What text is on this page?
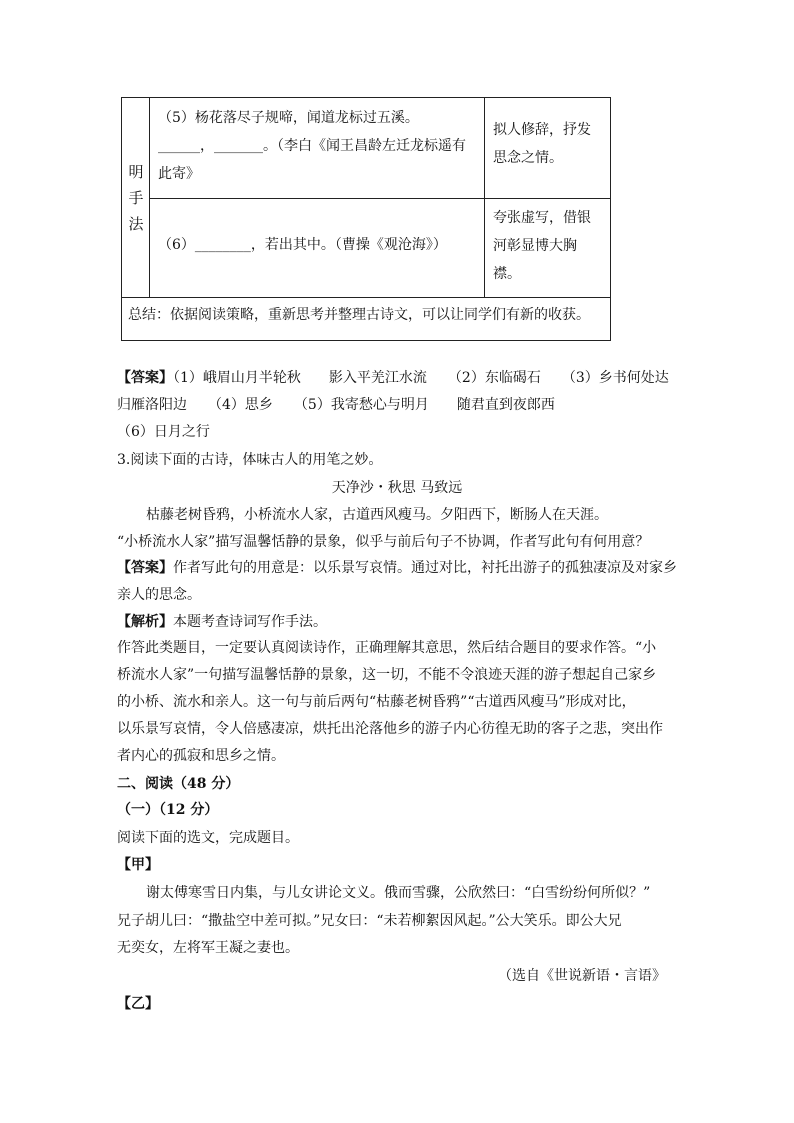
明
手
法
（5）杨花落尽子规啼，闻道龙标过五溪。
______，_______。（李白《闻王昌龄左迁龙标遥有
此寄》
拟人修辞，抒发
思念之情。
（6）________，若出其中。（曹操《观沧海》）
夸张虚写，借银
河彰显博大胸
襟。
总结：依据阅读策略，重新思考并整理古诗文，可以让同学们有新的收获。
【答案】（1）峨眉山月半轮秋　　影入平羌江水流　　（2）东临碣石　　（3）乡书何处达
归雁洛阳边　　（4）思乡　　（5）我寄愁心与明月　　随君直到夜郎西
（6）日月之行
3.阅读下面的古诗，体味古人的用笔之妙。
天净沙・秋思 马致远
枯藤老树昏鸦，小桥流水人家，古道西风瘦马。夕阳西下，断肠人在天涯。
“小桥流水人家”描写温馨恬静的景象，似乎与前后句子不协调，作者写此句有何用意？
【答案】作者写此句的用意是：以乐景写哀情。通过对比，衬托出游子的孤独凄凉及对家乡
亲人的思念。
【解析】本题考查诗词写作手法。
作答此类题目，一定要认真阅读诗作，正确理解其意思，然后结合题目的要求作答。“小
桥流水人家”一句描写温馨恬静的景象，这一切，不能不令浪迹天涯的游子想起自己家乡
的小桥、流水和亲人。这一句与前后两句“枯藤老树昏鸦”“古道西风瘦马”形成对比，
以乐景写哀情，令人倍感凄凉，烘托出沦落他乡的游子内心彷徨无助的客子之悲，突出作
者内心的孤寂和思乡之情。
二、阅读（48 分）
（一）（12 分）
阅读下面的选文，完成题目。
【甲】
谢太傅寒雪日内集，与儿女讲论文义。俄而雪骤，公欣然曰：“白雪纷纷何所似？”
兄子胡儿曰：“撒盐空中差可拟。”兄女曰：“未若柳絮因风起。”公大笑乐。即公大兄
无奕女，左将军王凝之妻也。
（选自《世说新语・言语》
【乙】
